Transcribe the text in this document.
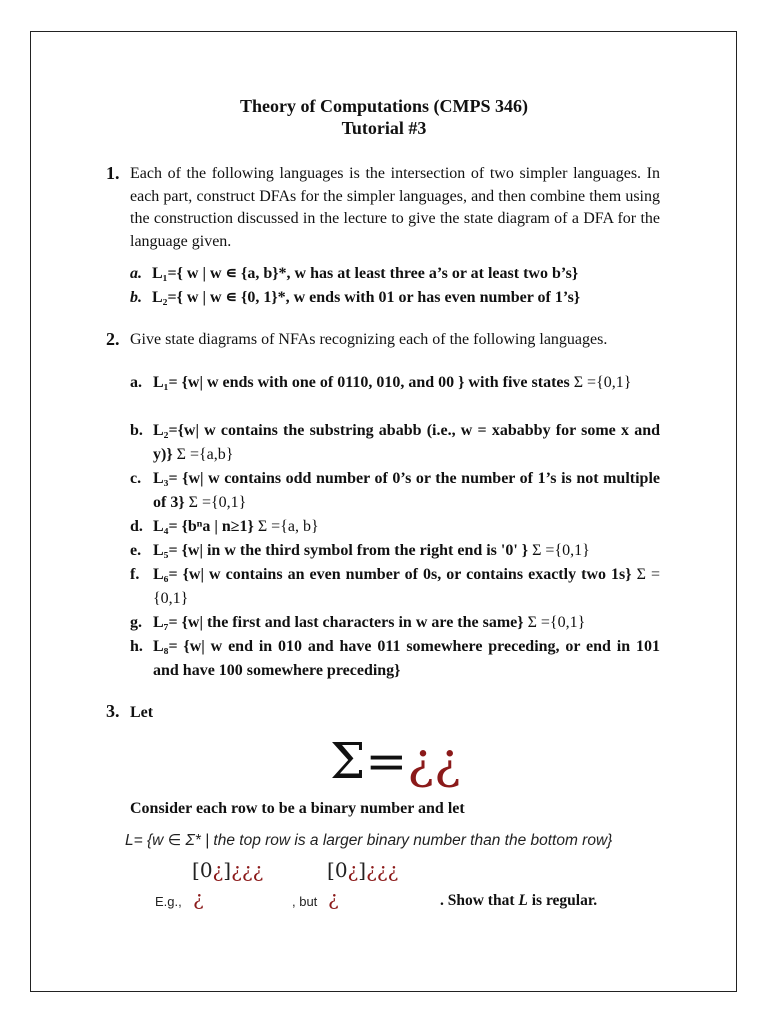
Theory of Computations (CMPS 346)
Tutorial #3
1. Each of the following languages is the intersection of two simpler languages. In each part, construct DFAs for the simpler languages, and then combine them using the construction discussed in the lecture to give the state diagram of a DFA for the language given.
a. L₁={ w | w ∊ {a, b}*, w has at least three a’s or at least two b’s}
b. L₂={ w | w ∊ {0, 1}*, w ends with 01 or has even number of 1’s}
2. Give state diagrams of NFAs recognizing each of the following languages.
a. L₁= {w| w ends with one of 0110, 010, and 00 } with five states Σ ={0,1}
b. L₂={w| w contains the substring ababb (i.e., w = xababby for some x and y)} Σ ={a,b}
c. L₃= {w| w contains odd number of 0’s or the number of 1’s is not multiple of 3} Σ ={0,1}
d. L₄= {bⁿa | n≥1} Σ ={a, b}
e. L₅= {w| in w the third symbol from the right end is '0' } Σ ={0,1}
f. L₆= {w| w contains an even number of 0s, or contains exactly two 1s} Σ ={0,1}
g. L₇= {w| the first and last characters in w are the same} Σ ={0,1}
h. L₈= {w| w end in 010 and have 011 somewhere preceding, or end in 101 and have 100 somewhere preceding}
3. Let
Σ=¿¿
Consider each row to be a binary number and let
L= {w ∈ Σ* | the top row is a larger binary number than the bottom row}
E.g.,
[0¿]¿¿¿
¿	, but
[0¿]¿¿¿
¿	. Show that L is regular.
